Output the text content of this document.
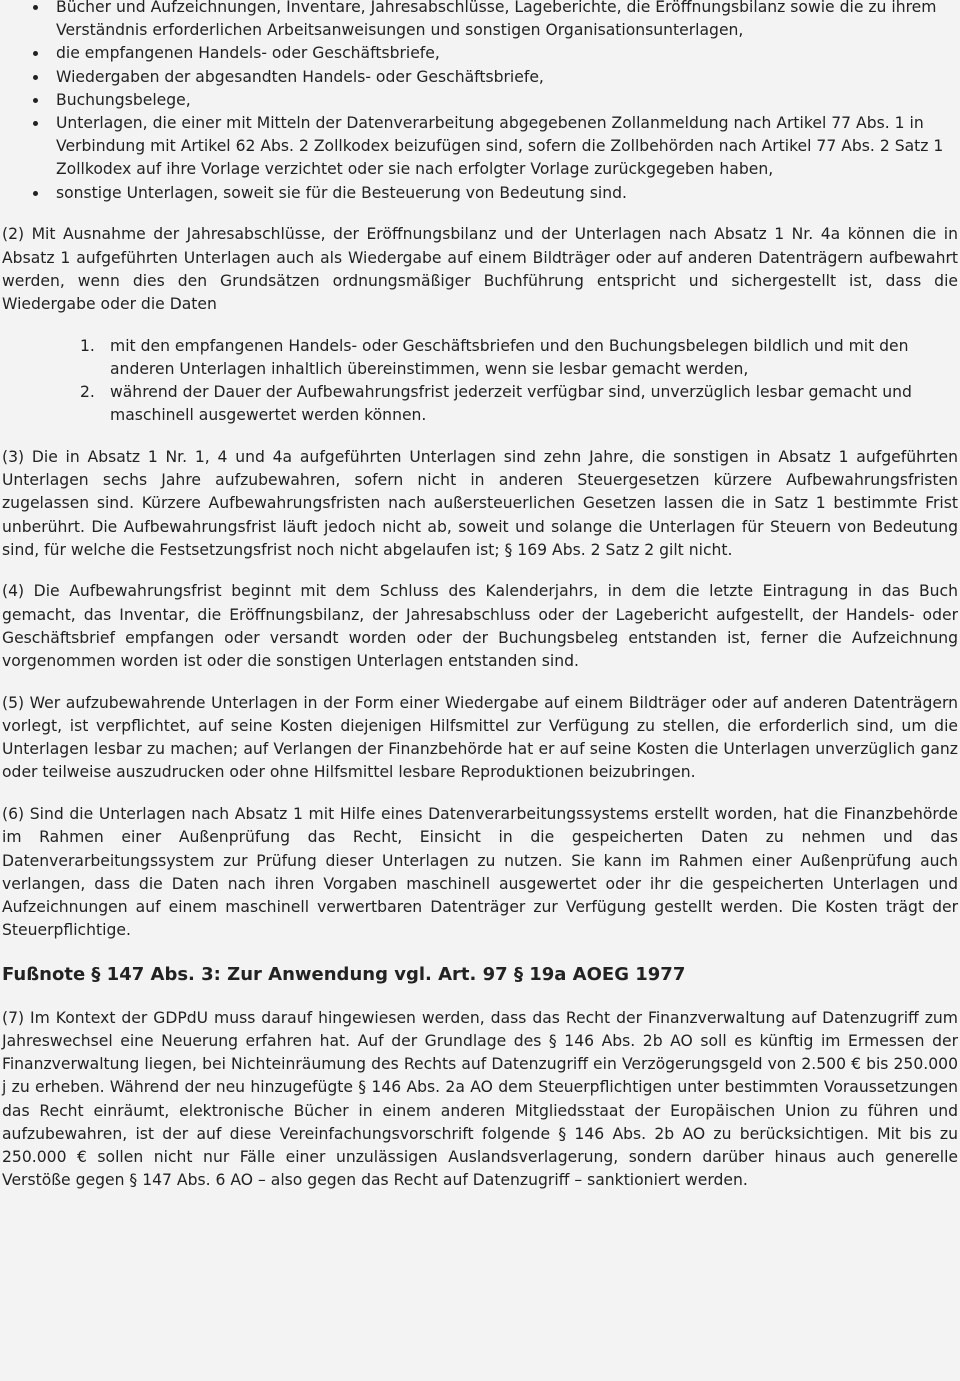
Bücher und Aufzeichnungen, Inventare, Jahresabschlüsse, Lageberichte, die Eröffnungsbilanz sowie die zu ihrem Verständnis erforderlichen Arbeitsanweisungen und sonstigen Organisationsunterlagen,
die empfangenen Handels- oder Geschäftsbriefe,
Wiedergaben der abgesandten Handels- oder Geschäftsbriefe,
Buchungsbelege,
Unterlagen, die einer mit Mitteln der Datenverarbeitung abgegebenen Zollanmeldung nach Artikel 77 Abs. 1 in Verbindung mit Artikel 62 Abs. 2 Zollkodex beizufügen sind, sofern die Zollbehörden nach Artikel 77 Abs. 2 Satz 1 Zollkodex auf ihre Vorlage verzichtet oder sie nach erfolgter Vorlage zurückgegeben haben,
sonstige Unterlagen, soweit sie für die Besteuerung von Bedeutung sind.

(2) Mit Ausnahme der Jahresabschlüsse, der Eröffnungsbilanz und der Unterlagen nach Absatz 1 Nr. 4a können die in Absatz 1 aufgeführten Unterlagen auch als Wiedergabe auf einem Bildträger oder auf anderen Datenträgern aufbewahrt werden, wenn dies den Grundsätzen ordnungsmäßiger Buchführung entspricht und sichergestellt ist, dass die Wiedergabe oder die Daten

1. mit den empfangenen Handels- oder Geschäftsbriefen und den Buchungsbelegen bildlich und mit den anderen Unterlagen inhaltlich übereinstimmen, wenn sie lesbar gemacht werden,
2. während der Dauer der Aufbewahrungsfrist jederzeit verfügbar sind, unverzüglich lesbar gemacht und maschinell ausgewertet werden können.

(3) Die in Absatz 1 Nr. 1, 4 und 4a aufgeführten Unterlagen sind zehn Jahre, die sonstigen in Absatz 1 aufgeführten Unterlagen sechs Jahre aufzubewahren, sofern nicht in anderen Steuergesetzen kürzere Aufbewahrungsfristen zugelassen sind. Kürzere Aufbewahrungsfristen nach außersteuerlichen Gesetzen lassen die in Satz 1 bestimmte Frist unberührt. Die Aufbewahrungsfrist läuft jedoch nicht ab, soweit und solange die Unterlagen für Steuern von Bedeutung sind, für welche die Festsetzungsfrist noch nicht abgelaufen ist; § 169 Abs. 2 Satz 2 gilt nicht.

(4) Die Aufbewahrungsfrist beginnt mit dem Schluss des Kalenderjahrs, in dem die letzte Eintragung in das Buch gemacht, das Inventar, die Eröffnungsbilanz, der Jahresabschluss oder der Lagebericht aufgestellt, der Handels- oder Geschäftsbrief empfangen oder versandt worden oder der Buchungsbeleg entstanden ist, ferner die Aufzeichnung vorgenommen worden ist oder die sonstigen Unterlagen entstanden sind.

(5) Wer aufzubewahrende Unterlagen in der Form einer Wiedergabe auf einem Bildträger oder auf anderen Datenträgern vorlegt, ist verpflichtet, auf seine Kosten diejenigen Hilfsmittel zur Verfügung zu stellen, die erforderlich sind, um die Unterlagen lesbar zu machen; auf Verlangen der Finanzbehörde hat er auf seine Kosten die Unterlagen unverzüglich ganz oder teilweise auszudrucken oder ohne Hilfsmittel lesbare Reproduktionen beizubringen.

(6) Sind die Unterlagen nach Absatz 1 mit Hilfe eines Datenverarbeitungssystems erstellt worden, hat die Finanzbehörde im Rahmen einer Außenprüfung das Recht, Einsicht in die gespeicherten Daten zu nehmen und das Datenverarbeitungssystem zur Prüfung dieser Unterlagen zu nutzen. Sie kann im Rahmen einer Außenprüfung auch verlangen, dass die Daten nach ihren Vorgaben maschinell ausgewertet oder ihr die gespeicherten Unterlagen und Aufzeichnungen auf einem maschinell verwertbaren Datenträger zur Verfügung gestellt werden. Die Kosten trägt der Steuerpflichtige.

Fußnote § 147 Abs. 3: Zur Anwendung vgl. Art. 97 § 19a AOEG 1977

(7) Im Kontext der GDPdU muss darauf hingewiesen werden, dass das Recht der Finanzverwaltung auf Datenzugriff zum Jahreswechsel eine Neuerung erfahren hat. Auf der Grundlage des § 146 Abs. 2b AO soll es künftig im Ermessen der Finanzverwaltung liegen, bei Nichteinräumung des Rechts auf Datenzugriff ein Verzögerungsgeld von 2.500 € bis 250.000 j zu erheben. Während der neu hinzugefügte § 146 Abs. 2a AO dem Steuerpflichtigen unter bestimmten Voraussetzungen das Recht einräumt, elektronische Bücher in einem anderen Mitgliedsstaat der Europäischen Union zu führen und aufzubewahren, ist der auf diese Vereinfachungsvorschrift folgende § 146 Abs. 2b AO zu berücksichtigen. Mit bis zu 250.000 € sollen nicht nur Fälle einer unzulässigen Auslandsverlagerung, sondern darüber hinaus auch generelle Verstöße gegen § 147 Abs. 6 AO – also gegen das Recht auf Datenzugriff – sanktioniert werden.
